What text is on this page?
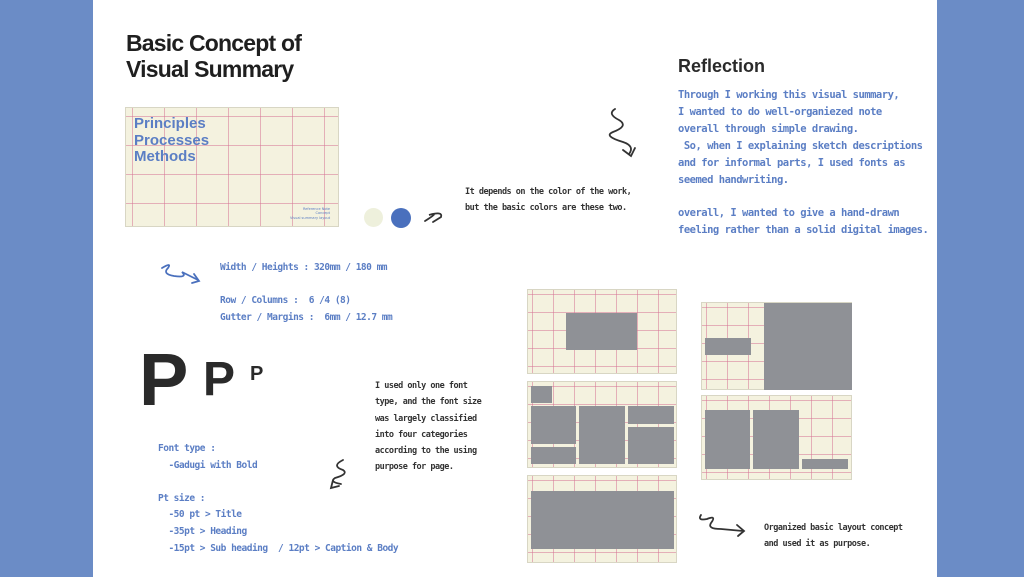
Basic Concept of
Visual Summary
Principles
Processes
Methods
Reference Note
Concept
Visual summary layout
It depends on the color of the work,
but the basic colors are these two.
Reflection
Through I working this visual summary,
I wanted to do well-organiezed note
overall through simple drawing.
So, when I explaining sketch descriptions
and for informal parts, I used fonts as
seemed handwriting.

overall, I wanted to give a hand-drawn
feeling rather than a solid digital images.
Width / Heights : 320mm / 180 mm

Row / Columns :  6 /4 (8)
Gutter / Margins :  6mm / 12.7 mm
P P P
Font type :
-Gadugi with Bold

Pt size :
-50 pt > Title
-35pt > Heading
-15pt > Sub heading  / 12pt > Caption & Body
I used only one font
type, and the font size
was largely classified
into four categories
according to the using
purpose for page.
Organized basic layout concept
and used it as purpose.
